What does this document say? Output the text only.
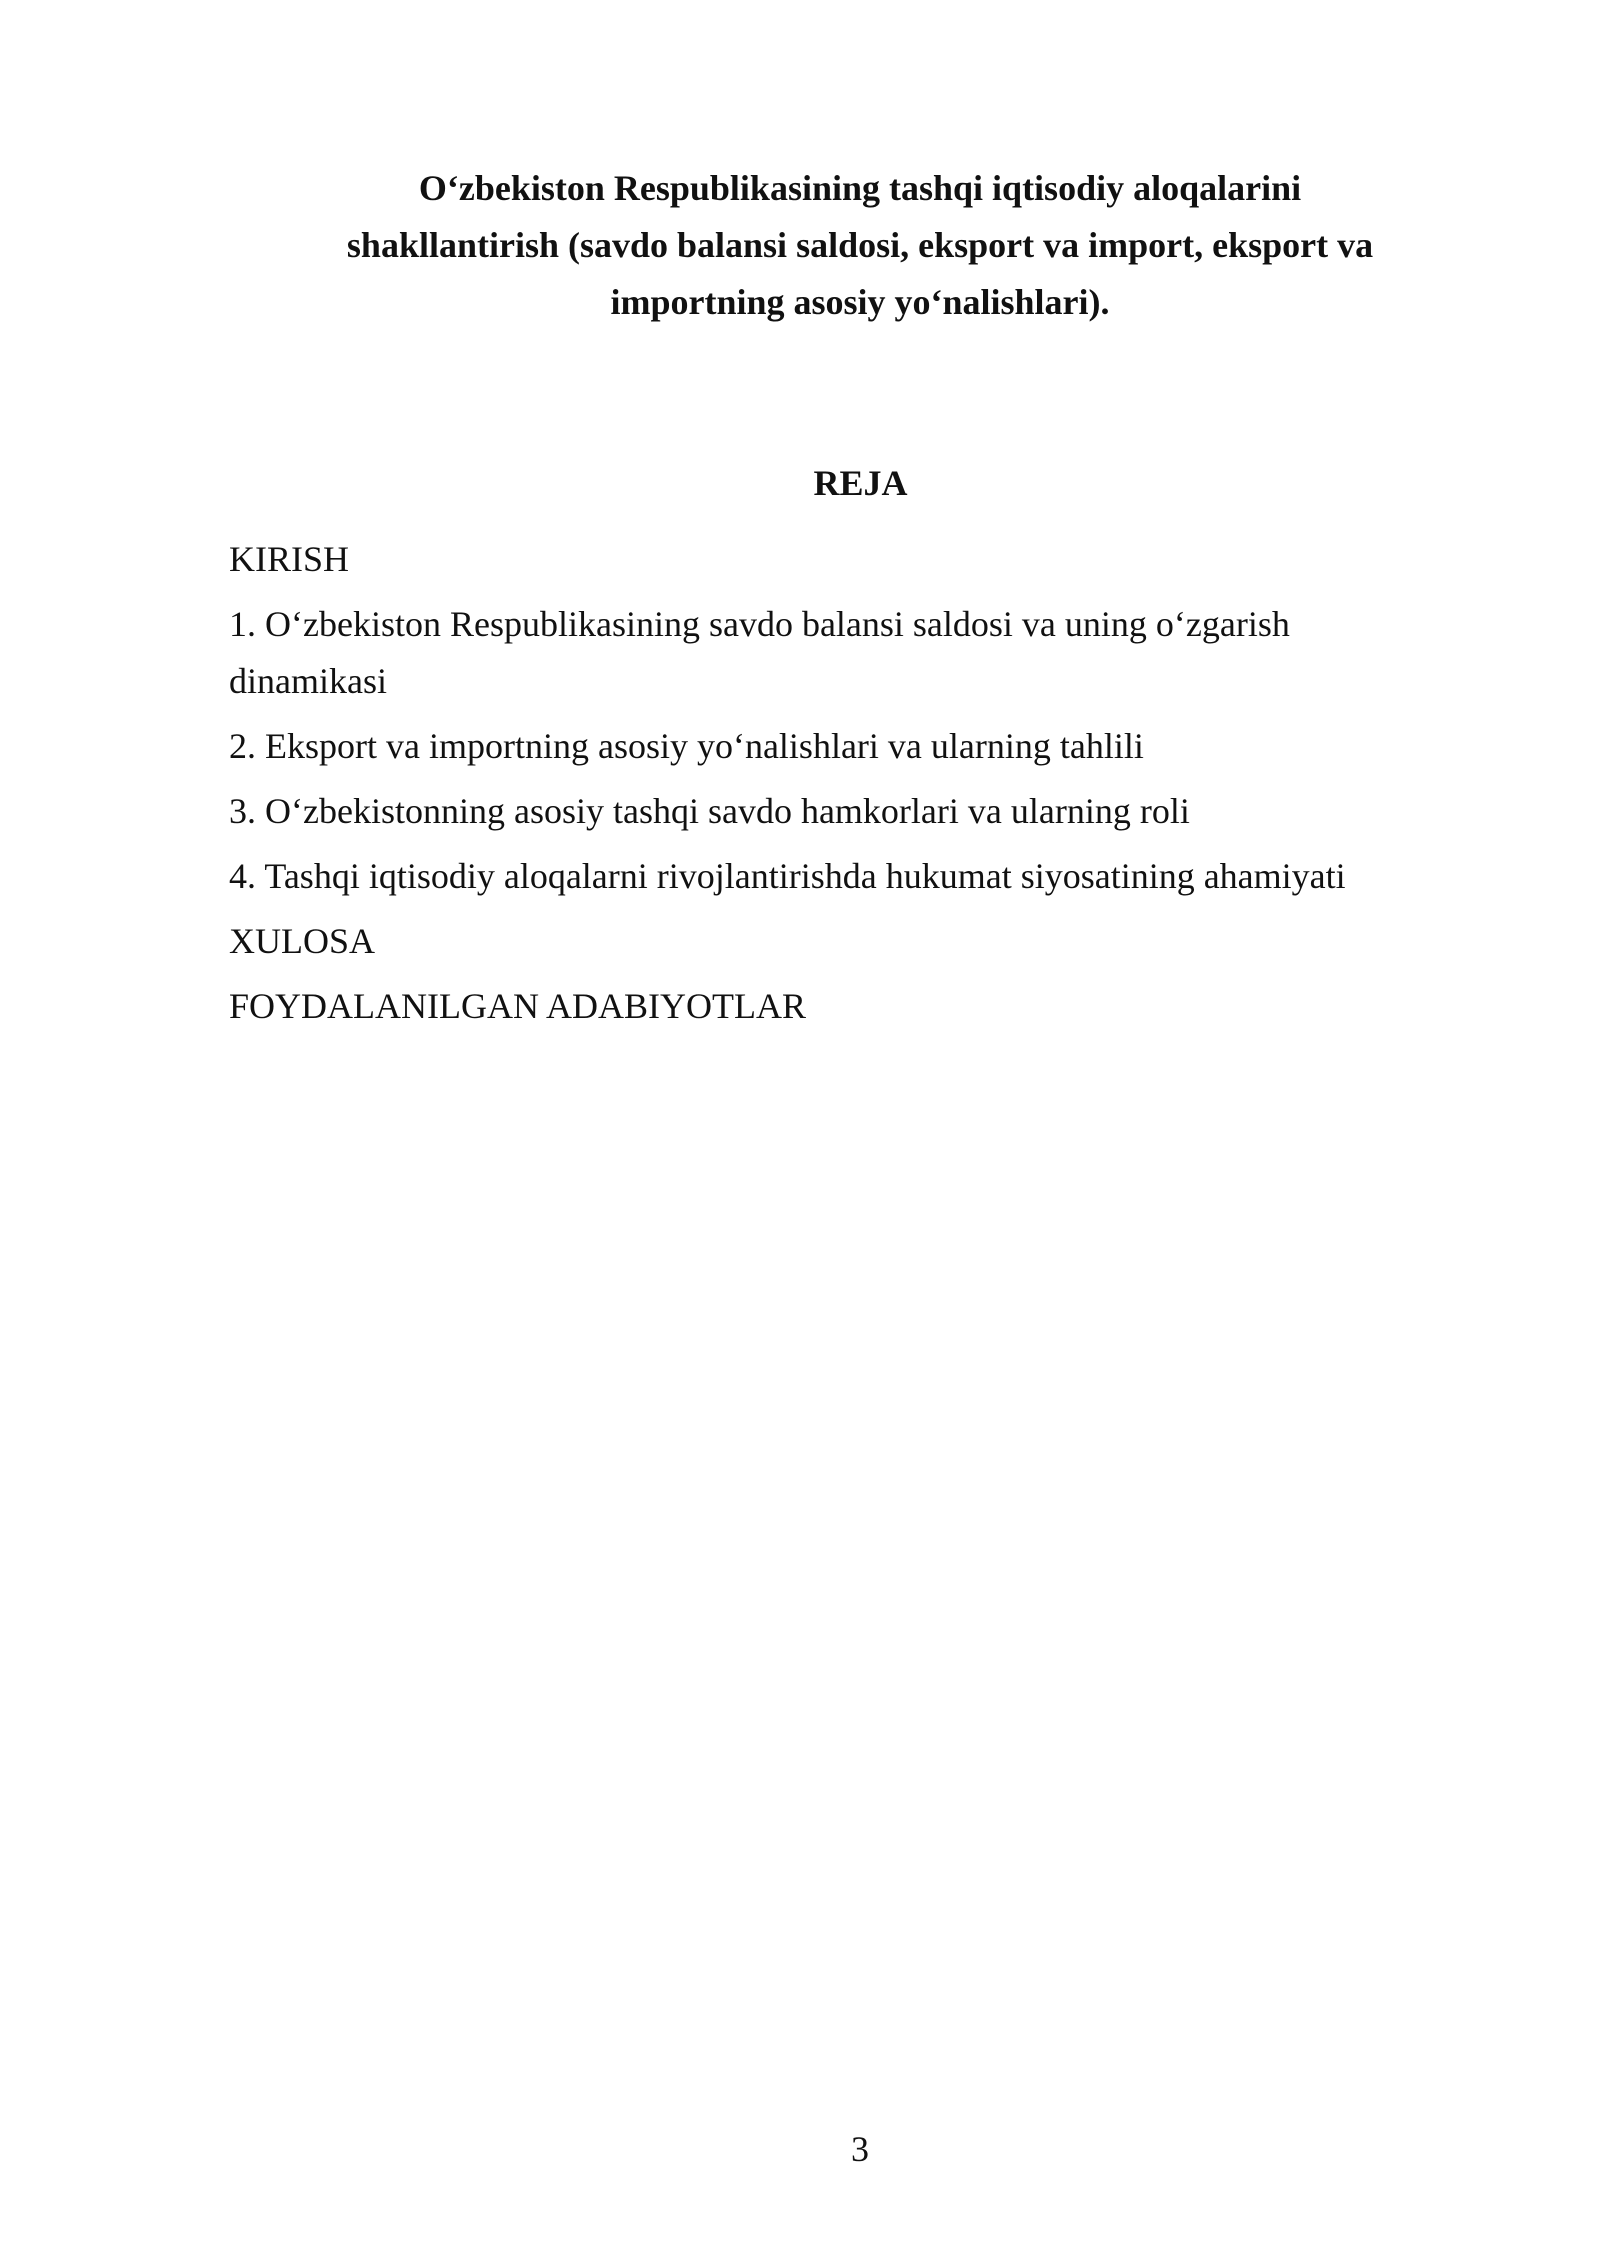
O‘zbekiston Respublikasining tashqi iqtisodiy aloqalarini
shakllantirish (savdo balansi saldosi, eksport va import, eksport va
importning asosiy yo‘nalishlari).
REJA
KIRISH
1. O‘zbekiston Respublikasining savdo balansi saldosi va uning o‘zgarish
dinamikasi
2. Eksport va importning asosiy yo‘nalishlari va ularning tahlili
3. O‘zbekistonning asosiy tashqi savdo hamkorlari va ularning roli
4. Tashqi iqtisodiy aloqalarni rivojlantirishda hukumat siyosatining ahamiyati
XULOSA
FOYDALANILGAN ADABIYOTLAR
3
